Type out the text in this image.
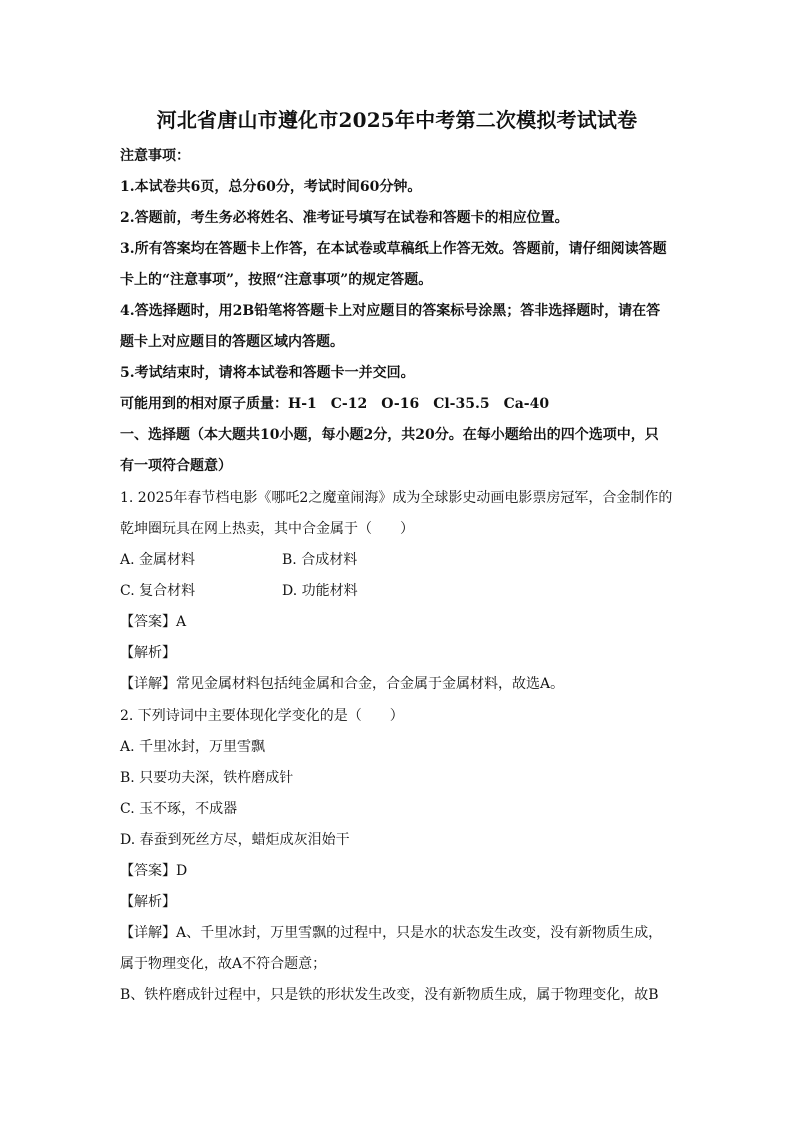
河北省唐山市遵化市2025年中考第二次模拟考试试卷
注意事项：
1.本试卷共6页，总分60分，考试时间60分钟。
2.答题前，考生务必将姓名、准考证号填写在试卷和答题卡的相应位置。
3.所有答案均在答题卡上作答，在本试卷或草稿纸上作答无效。答题前，请仔细阅读答题
卡上的“注意事项”，按照“注意事项”的规定答题。
4.答选择题时，用2B铅笔将答题卡上对应题目的答案标号涂黑；答非选择题时，请在答
题卡上对应题目的答题区域内答题。
5.考试结束时，请将本试卷和答题卡一并交回。
可能用到的相对原子质量：H-1　C-12　O-16　Cl-35.5　Ca-40
一、选择题（本大题共10小题，每小题2分，共20分。在每小题给出的四个选项中，只
有一项符合题意）
1. 2025年春节档电影《哪吒2之魔童闹海》成为全球影史动画电影票房冠军，合金制作的
乾坤圈玩具在网上热卖，其中合金属于（　　）
A. 金属材料	B. 合成材料
C. 复合材料	D. 功能材料
【答案】A
【解析】
【详解】常见金属材料包括纯金属和合金，合金属于金属材料，故选A。
2. 下列诗词中主要体现化学变化的是（　　）
A. 千里冰封，万里雪飘
B. 只要功夫深，铁杵磨成针
C. 玉不琢，不成器
D. 春蚕到死丝方尽，蜡炬成灰泪始干
【答案】D
【解析】
【详解】A、千里冰封，万里雪飘的过程中，只是水的状态发生改变，没有新物质生成，
属于物理变化，故A不符合题意；
B、铁杵磨成针过程中，只是铁的形状发生改变，没有新物质生成，属于物理变化，故B
